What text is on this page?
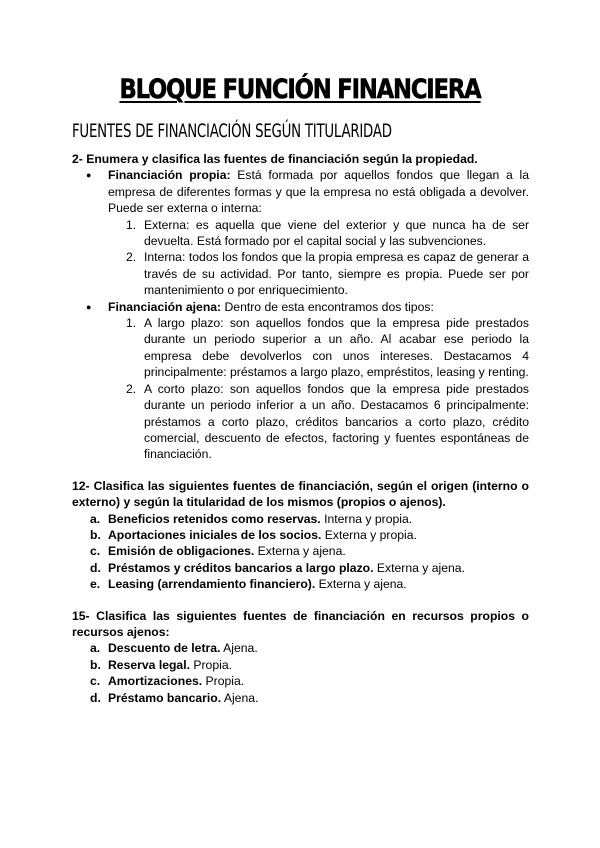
BLOQUE FUNCIÓN FINANCIERA
FUENTES DE FINANCIACIÓN SEGÚN TITULARIDAD

2- Enumera y clasifica las fuentes de financiación según la propiedad.

● Financiación propia: Está formada por aquellos fondos que llegan a la empresa de diferentes formas y que la empresa no está obligada a devolver. Puede ser externa o interna:
1. Externa: es aquella que viene del exterior y que nunca ha de ser devuelta. Está formado por el capital social y las subvenciones.
2. Interna: todos los fondos que la propia empresa es capaz de generar a través de su actividad. Por tanto, siempre es propia. Puede ser por mantenimiento o por enriquecimiento.
● Financiación ajena: Dentro de esta encontramos dos tipos:
1. A largo plazo: son aquellos fondos que la empresa pide prestados durante un periodo superior a un año. Al acabar ese periodo la empresa debe devolverlos con unos intereses. Destacamos 4 principalmente: préstamos a largo plazo, empréstitos, leasing y renting.
2. A corto plazo: son aquellos fondos que la empresa pide prestados durante un periodo inferior a un año. Destacamos 6 principalmente: préstamos a corto plazo, créditos bancarios a corto plazo, crédito comercial, descuento de efectos, factoring y fuentes espontáneas de financiación.

12- Clasifica las siguientes fuentes de financiación, según el origen (interno o externo) y según la titularidad de los mismos (propios o ajenos).

a. Beneficios retenidos como reservas. Interna y propia.
b. Aportaciones iniciales de los socios. Externa y propia.
c. Emisión de obligaciones. Externa y ajena.
d. Préstamos y créditos bancarios a largo plazo. Externa y ajena.
e. Leasing (arrendamiento financiero). Externa y ajena.

15- Clasifica las siguientes fuentes de financiación en recursos propios o recursos ajenos:

a. Descuento de letra. Ajena.
b. Reserva legal. Propia.
c. Amortizaciones. Propia.
d. Préstamo bancario. Ajena.
